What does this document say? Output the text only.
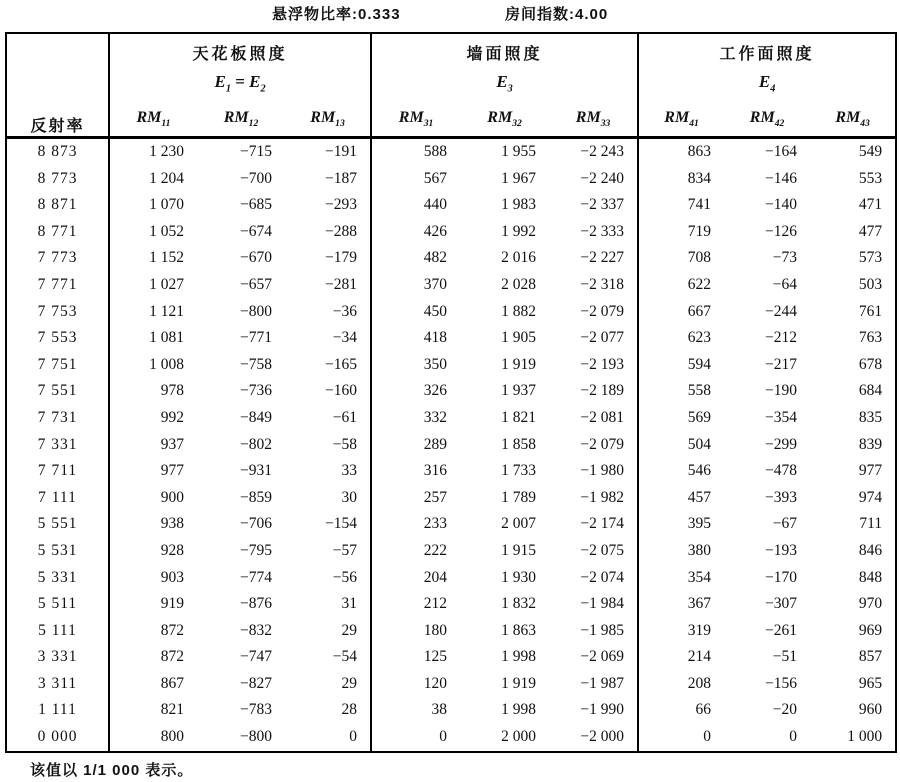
悬浮物比率:0.333	房间指数:4.00
反射率	天花板照度			墙面照度			工作面照度		
	$E_1 = E_2$			$E_3$			$E_4$
	$RM_{11}$	$RM_{12}$	$RM_{13}$	$RM_{31}$	$RM_{32}$	$RM_{33}$	$RM_{41}$	$RM_{42}$	$RM_{43}$
8 873	1 230	−715	−191	588	1 955	−2 243	863	−164	549
8 773	1 204	−700	−187	567	1 967	−2 240	834	−146	553
8 871	1 070	−685	−293	440	1 983	−2 337	741	−140	471
8 771	1 052	−674	−288	426	1 992	−2 333	719	−126	477
7 773	1 152	−670	−179	482	2 016	−2 227	708	−73	573
7 771	1 027	−657	−281	370	2 028	−2 318	622	−64	503
7 753	1 121	−800	−36	450	1 882	−2 079	667	−244	761
7 553	1 081	−771	−34	418	1 905	−2 077	623	−212	763
7 751	1 008	−758	−165	350	1 919	−2 193	594	−217	678
7 551	978	−736	−160	326	1 937	−2 189	558	−190	684
7 731	992	−849	−61	332	1 821	−2 081	569	−354	835
7 331	937	−802	−58	289	1 858	−2 079	504	−299	839
7 711	977	−931	33	316	1 733	−1 980	546	−478	977
7 111	900	−859	30	257	1 789	−1 982	457	−393	974
5 551	938	−706	−154	233	2 007	−2 174	395	−67	711
5 531	928	−795	−57	222	1 915	−2 075	380	−193	846
5 331	903	−774	−56	204	1 930	−2 074	354	−170	848
5 511	919	−876	31	212	1 832	−1 984	367	−307	970
5 111	872	−832	29	180	1 863	−1 985	319	−261	969
3 331	872	−747	−54	125	1 998	−2 069	214	−51	857
3 311	867	−827	29	120	1 919	−1 987	208	−156	965
1 111	821	−783	28	38	1 998	−1 990	66	−20	960
0 000	800	−800	0	0	2 000	−2 000	0	0	1 000
该值以 1/1 000 表示。
